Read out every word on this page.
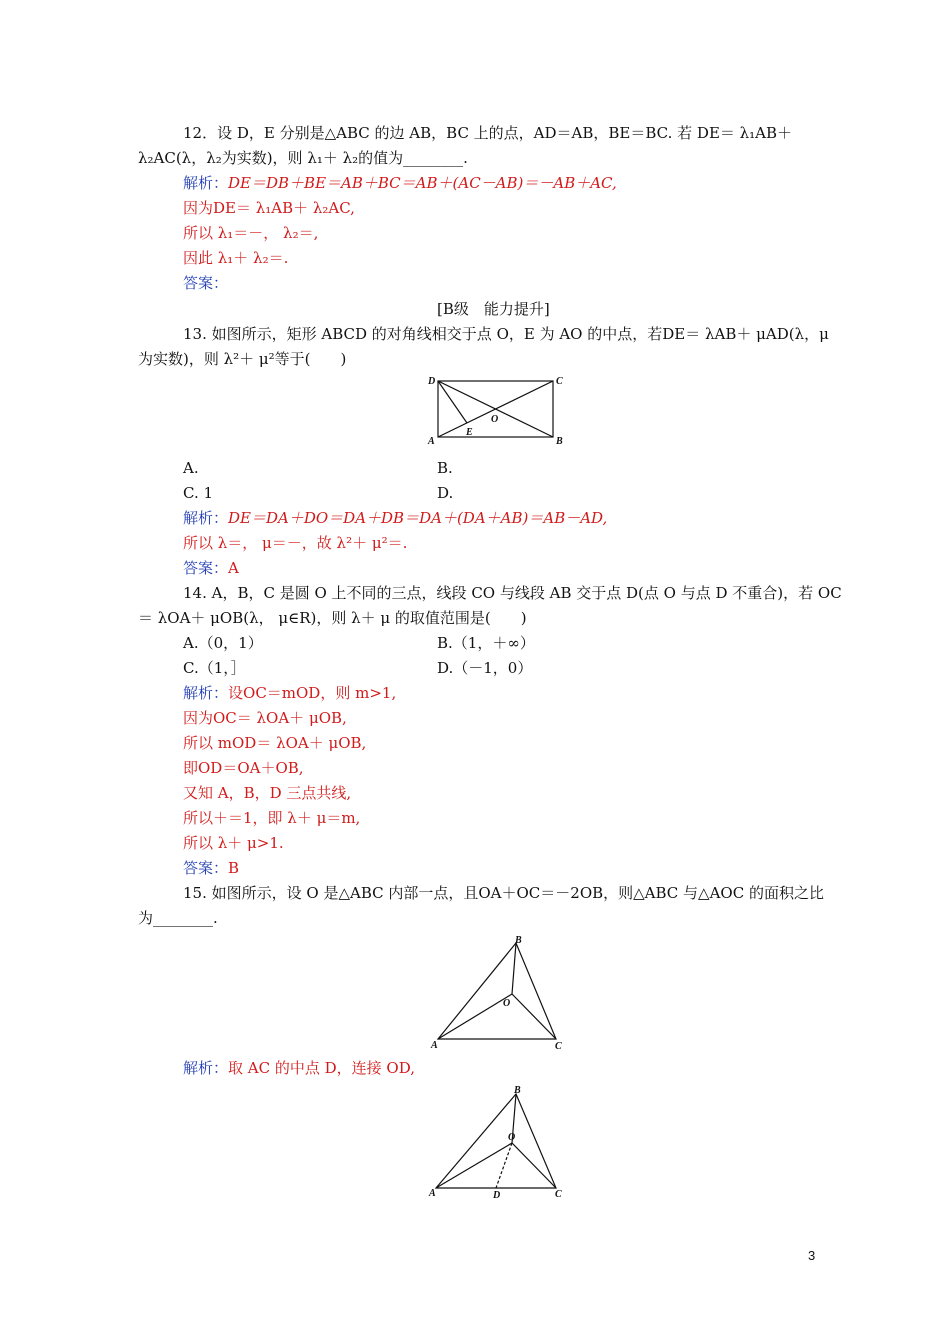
12．设 D，E 分别是△ABC 的边 AB，BC 上的点，AD＝AB，BE＝BC. 若 DE＝ λ₁AB＋
λ₂AC(λ，λ₂为实数)，则 λ₁＋ λ₂的值为________.
解析：DE＝DB＋BE＝AB＋BC＝AB＋(AC－AB)＝－AB＋AC,
因为DE＝ λ₁AB＋ λ₂AC,
所以 λ₁＝－， λ₂＝,
因此 λ₁＋ λ₂＝.
答案：
[B级　能力提升]
13. 如图所示，矩形 ABCD 的对角线相交于点 O，E 为 AO 的中点，若DE＝ λAB＋ μAD(λ，μ
为实数)，则 λ²＋ μ²等于(　　)
D	C
A	B
O
E
A.	B.
C. 1	D.
解析：DE＝DA＋DO＝DA＋DB＝DA＋(DA＋AB)＝AB－AD,
所以 λ＝， μ＝－，故 λ²＋ μ²＝.
答案：A
14. A，B，C 是圆 O 上不同的三点，线段 CO 与线段 AB 交于点 D(点 O 与点 D 不重合)，若 OC
＝ λOA＋ μOB(λ， μ∈R)，则 λ＋ μ 的取值范围是(　　)
A.（0，1）	B.（1，＋∞）
C.（1，］	D.（－1，0）
解析：设OC＝mOD，则 m>1,
因为OC＝ λOA＋ μOB,
所以 mOD＝ λOA＋ μOB,
即OD＝OA＋OB,
又知 A，B，D 三点共线,
所以＋＝1，即 λ＋ μ＝m,
所以 λ＋ μ>1.
答案：B
15. 如图所示，设 O 是△ABC 内部一点，且OA＋OC＝－2OB，则△ABC 与△AOC 的面积之比
为________.
B
O
A	C
解析：取 AC 的中点 D，连接 OD,
B
O
A	D	C
3
